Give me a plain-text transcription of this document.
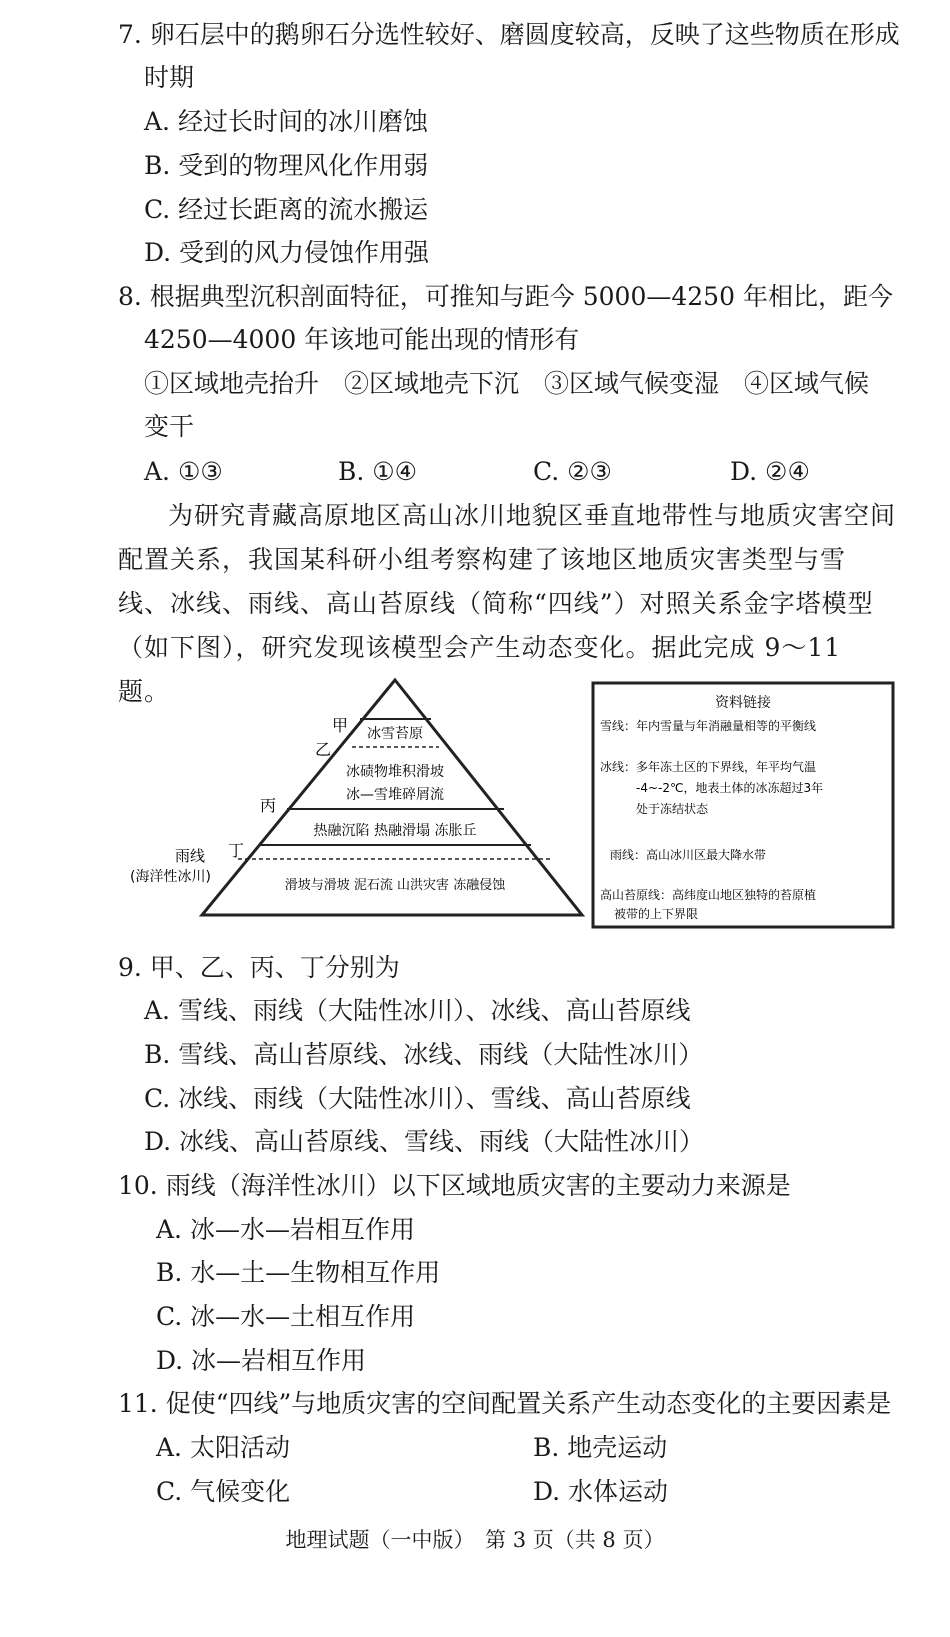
7. 卵石层中的鹅卵石分选性较好、磨圆度较高，反映了这些物质在形成
时期
A. 经过长时间的冰川磨蚀
B. 受到的物理风化作用弱
C. 经过长距离的流水搬运
D. 受到的风力侵蚀作用强
8. 根据典型沉积剖面特征，可推知与距今 5000—4250 年相比，距今
4250—4000 年该地可能出现的情形有
①区域地壳抬升　②区域地壳下沉　③区域气候变湿　④区域气候
变干
A. ①③	B. ①④	C. ②③	D. ②④
为研究青藏高原地区高山冰川地貌区垂直地带性与地质灾害空间配置关系，我国某科研小组考察构建了该地区地质灾害类型与雪线、冰线、雨线、高山苔原线（简称“四线”）对照关系金字塔模型（如下图），研究发现该模型会产生动态变化。据此完成 9～11 题。
冰雪苔原
冰碛物堆积滑坡
冰—雪堆碎屑流
热融沉陷 热融滑塌 冻胀丘
滑坡与滑坡 泥石流 山洪灾害 冻融侵蚀
甲
乙
丙
丁
雨线
(海洋性冰川)
资料链接
雪线：年内雪量与年消融量相等的平衡线
冰线：多年冻土区的下界线，年平均气温
-4~-2℃，地表土体的冰冻超过3年
处于冻结状态
雨线：高山冰川区最大降水带
高山苔原线：高纬度山地区独特的苔原植
被带的上下界限
9. 甲、乙、丙、丁分别为
A. 雪线、雨线（大陆性冰川）、冰线、高山苔原线
B. 雪线、高山苔原线、冰线、雨线（大陆性冰川）
C. 冰线、雨线（大陆性冰川）、雪线、高山苔原线
D. 冰线、高山苔原线、雪线、雨线（大陆性冰川）
10. 雨线（海洋性冰川）以下区域地质灾害的主要动力来源是
A. 冰—水—岩相互作用
B. 水—土—生物相互作用
C. 冰—水—土相互作用
D. 冰—岩相互作用
11. 促使“四线”与地质灾害的空间配置关系产生动态变化的主要因素是
A. 太阳活动	B. 地壳运动
C. 气候变化	D. 水体运动
地理试题（一中版）　第 3 页（共 8 页）
